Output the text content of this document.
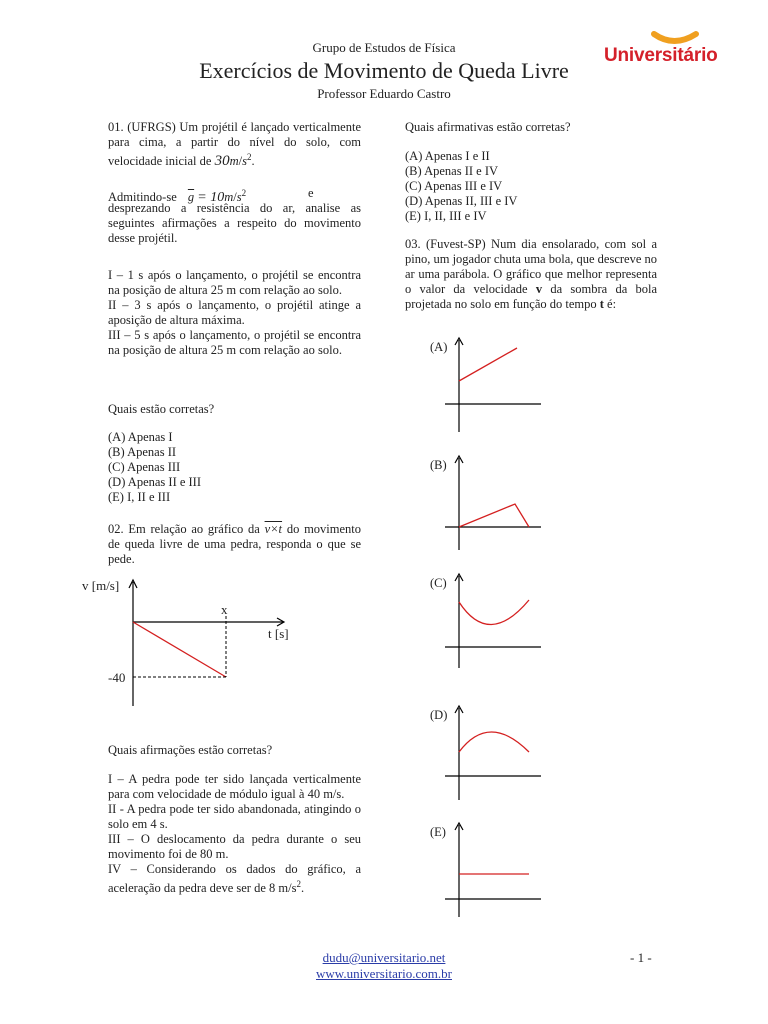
Grupo de Estudos de Física
Exercícios de Movimento de Queda Livre
Professor Eduardo Castro
Universitário
01. (UFRGS) Um projétil é lançado verticalmente para cima, a partir do nível do solo, com velocidade inicial de $30m/s^2$.
Admitindo-se $\overline{g} = 10m/s^2$	e desprezando a resistência do ar, analise as seguintes afirmações a respeito do movimento desse projétil.

I – 1 s após o lançamento, o projétil se encontra na posição de altura 25 m com relação ao solo.

II – 3 s após o lançamento, o projétil atinge a aposição de altura máxima.

III – 5 s após o lançamento, o projétil se encontra na posição de altura 25 m com relação ao solo.

Quais estão corretas?

(A) Apenas I

(B) Apenas II

(C) Apenas III

(D) Apenas II e III

(E) I, II e III

02. Em relação ao gráfico da v×t do movimento de queda livre de uma pedra, responda o que se pede.
v [m/s]
t [s]
x
-40
Quais afirmações estão corretas?

I – A pedra pode ter sido lançada verticalmente para com velocidade de módulo igual à 40 m/s.

II - A pedra pode ter sido abandonada, atingindo o solo em 4 s.

III – O deslocamento da pedra durante o seu movimento foi de 80 m.

IV – Considerando os dados do gráfico, a aceleração da pedra deve ser de 8 $m/s^2$.

Quais afirmativas estão corretas?

(A) Apenas I e II

(B) Apenas II e IV

(C) Apenas III e IV

(D) Apenas II, III e IV

(E) I, II, III e IV

03. (Fuvest-SP) Num dia ensolarado, com sol a pino, um jogador chuta uma bola, que descreve no ar uma parábola. O gráfico que melhor representa o valor da velocidade v da sombra da bola projetada no solo em função do tempo t é:
(A)
(B)
(C)
(D)
(E)
dudu@universitario.net
www.universitario.com.br
- 1 -
